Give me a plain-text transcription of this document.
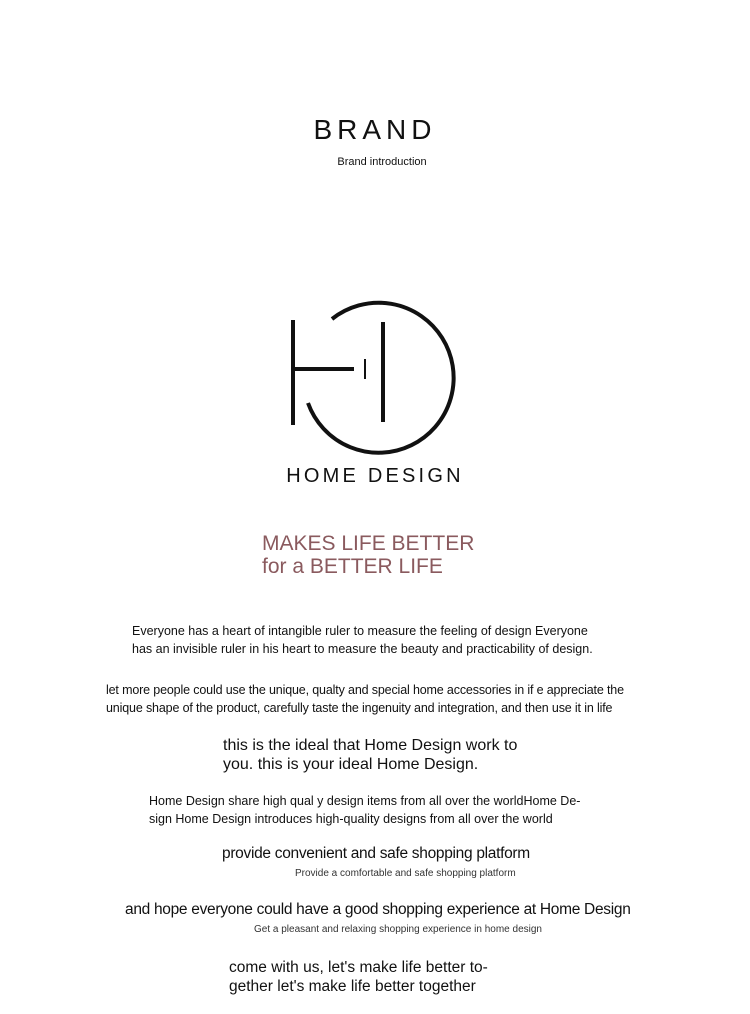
BRAND
Brand introduction
HOME DESIGN
MAKES LIFE BETTER
for a BETTER LIFE
Everyone has a heart of intangible ruler to measure the feeling of design Everyone
has an invisible ruler in his heart to measure the beauty and practicability of design.
let more people could use the unique, qualty and special home accessories in if e appreciate the
unique shape of the product, carefully taste the ingenuity and integration, and then use it in life
this is the ideal that Home Design work to
you. this is your ideal Home Design.
Home Design share high qual y design items from all over the worldHome De-
sign Home Design introduces high-quality designs from all over the world
provide convenient and safe shopping platform
Provide a comfortable and safe shopping platform
and hope everyone could have a good shopping experience at Home Design
Get a pleasant and relaxing shopping experience in home design
come with us, let's make life better to-
gether let's make life better together
